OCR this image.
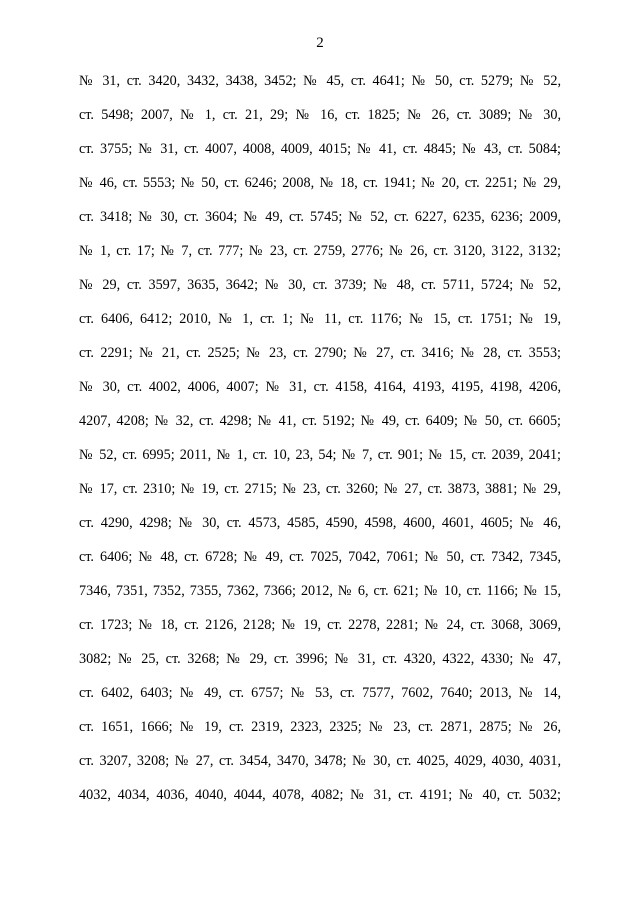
2
№ 31, ст. 3420, 3432, 3438, 3452; № 45, ст. 4641; № 50, ст. 5279; № 52,
ст. 5498; 2007, № 1, ст. 21, 29; № 16, ст. 1825; № 26, ст. 3089; № 30,
ст. 3755; № 31, ст. 4007, 4008, 4009, 4015; № 41, ст. 4845; № 43, ст. 5084;
№ 46, ст. 5553; № 50, ст. 6246; 2008, № 18, ст. 1941; № 20, ст. 2251; № 29,
ст. 3418; № 30, ст. 3604; № 49, ст. 5745; № 52, ст. 6227, 6235, 6236; 2009,
№ 1, ст. 17; № 7, ст. 777; № 23, ст. 2759, 2776; № 26, ст. 3120, 3122, 3132;
№ 29, ст. 3597, 3635, 3642; № 30, ст. 3739; № 48, ст. 5711, 5724; № 52,
ст. 6406, 6412; 2010, № 1, ст. 1; № 11, ст. 1176; № 15, ст. 1751; № 19,
ст. 2291; № 21, ст. 2525; № 23, ст. 2790; № 27, ст. 3416; № 28, ст. 3553;
№ 30, ст. 4002, 4006, 4007; № 31, ст. 4158, 4164, 4193, 4195, 4198, 4206,
4207, 4208; № 32, ст. 4298; № 41, ст. 5192; № 49, ст. 6409; № 50, ст. 6605;
№ 52, ст. 6995; 2011, № 1, ст. 10, 23, 54; № 7, ст. 901; № 15, ст. 2039, 2041;
№ 17, ст. 2310; № 19, ст. 2715; № 23, ст. 3260; № 27, ст. 3873, 3881; № 29,
ст. 4290, 4298; № 30, ст. 4573, 4585, 4590, 4598, 4600, 4601, 4605; № 46,
ст. 6406; № 48, ст. 6728; № 49, ст. 7025, 7042, 7061; № 50, ст. 7342, 7345,
7346, 7351, 7352, 7355, 7362, 7366; 2012, № 6, ст. 621; № 10, ст. 1166; № 15,
ст. 1723; № 18, ст. 2126, 2128; № 19, ст. 2278, 2281; № 24, ст. 3068, 3069,
3082; № 25, ст. 3268; № 29, ст. 3996; № 31, ст. 4320, 4322, 4330; № 47,
ст. 6402, 6403; № 49, ст. 6757; № 53, ст. 7577, 7602, 7640; 2013, № 14,
ст. 1651, 1666; № 19, ст. 2319, 2323, 2325; № 23, ст. 2871, 2875; № 26,
ст. 3207, 3208; № 27, ст. 3454, 3470, 3478; № 30, ст. 4025, 4029, 4030, 4031,
4032, 4034, 4036, 4040, 4044, 4078, 4082; № 31, ст. 4191; № 40, ст. 5032;
